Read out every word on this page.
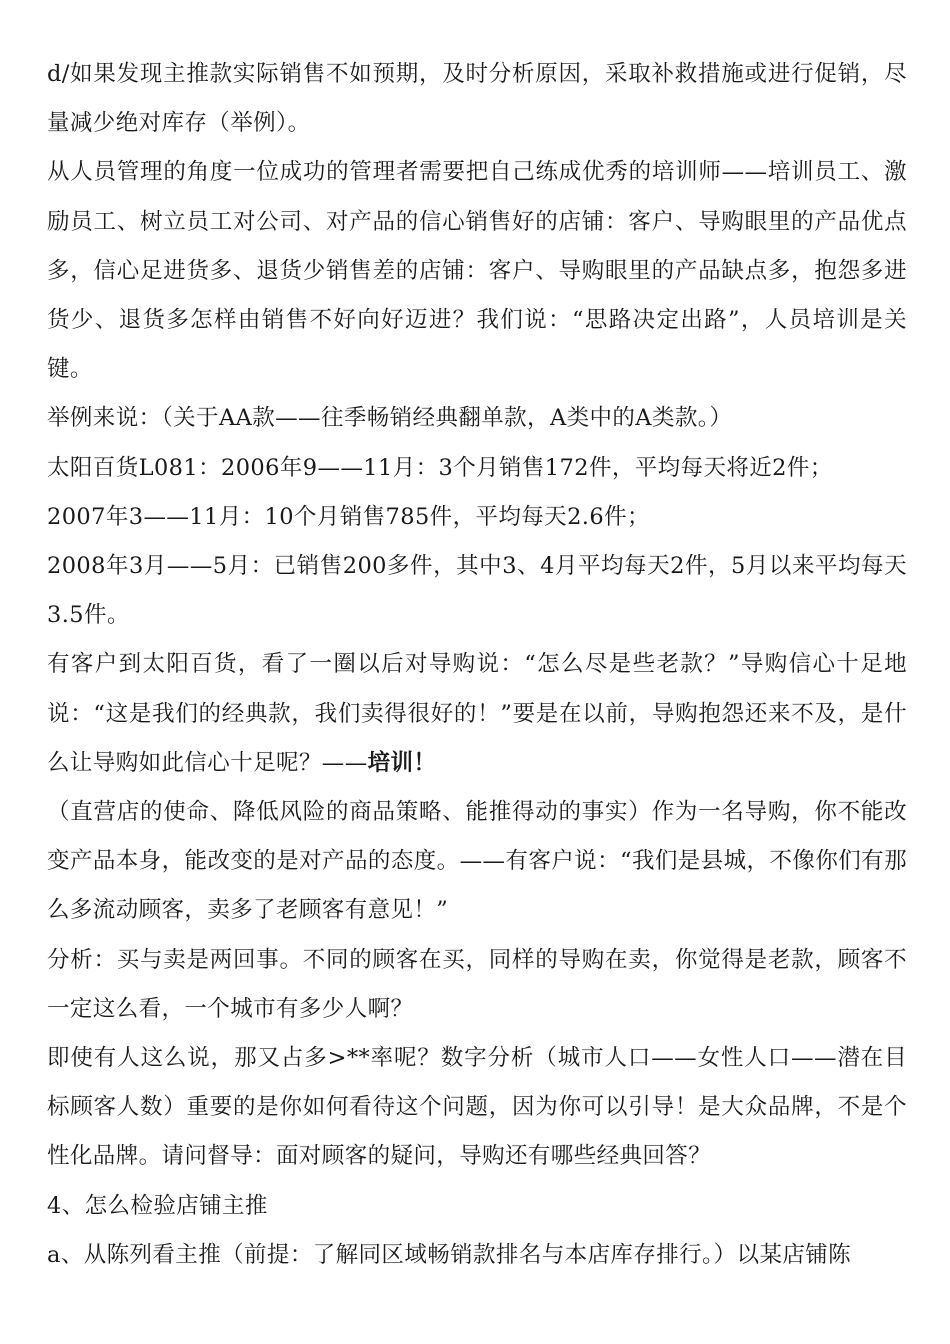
d/如果发现主推款实际销售不如预期，及时分析原因，采取补救措施或进行促销，尽量减少绝对库存（举例）。

从人员管理的角度一位成功的管理者需要把自己练成优秀的培训师——培训员工、激励员工、树立员工对公司、对产品的信心销售好的店铺：客户、导购眼里的产品优点多，信心足进货多、退货少销售差的店铺：客户、导购眼里的产品缺点多，抱怨多进货少、退货多怎样由销售不好向好迈进？我们说：“思路决定出路”，人员培训是关键。

举例来说：（关于AA款——往季畅销经典翻单款，A类中的A类款。）

太阳百货L081：2006年9——11月：3个月销售172件，平均每天将近2件；

2007年3——11月：10个月销售785件，平均每天2.6件；

2008年3月——5月：已销售200多件，其中3、4月平均每天2件，5月以来平均每天3.5件。

有客户到太阳百货，看了一圈以后对导购说：“怎么尽是些老款？”导购信心十足地说：“这是我们的经典款，我们卖得很好的！”要是在以前，导购抱怨还来不及，是什么让导购如此信心十足呢？——培训！

（直营店的使命、降低风险的商品策略、能推得动的事实）作为一名导购，你不能改变产品本身，能改变的是对产品的态度。——有客户说：“我们是县城，不像你们有那么多流动顾客，卖多了老顾客有意见！”

分析：买与卖是两回事。不同的顾客在买，同样的导购在卖，你觉得是老款，顾客不一定这么看，一个城市有多少人啊？

即使有人这么说，那又占多>**率呢？数字分析（城市人口——女性人口——潜在目标顾客人数）重要的是你如何看待这个问题，因为你可以引导！是大众品牌，不是个性化品牌。请问督导：面对顾客的疑问，导购还有哪些经典回答？

4、怎么检验店铺主推

a、从陈列看主推（前提：了解同区域畅销款排名与本店库存排行。）以某店铺陈
